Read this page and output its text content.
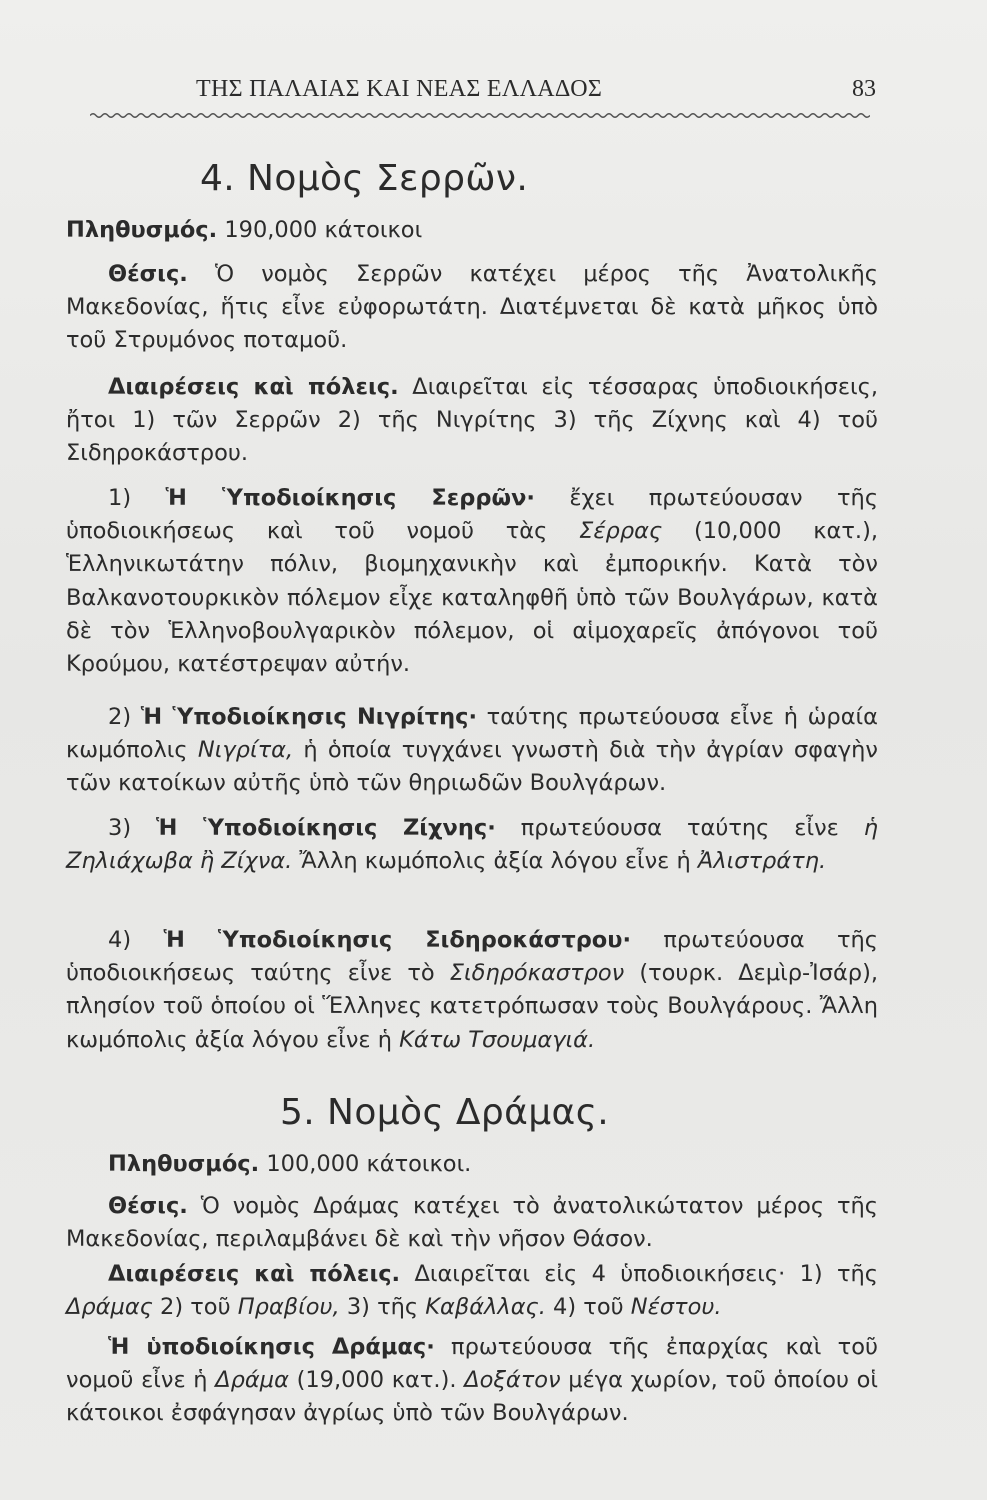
ΤΗΣ ΠΑΛΑΙΑΣ ΚΑΙ ΝΕΑΣ ΕΛΛΑΔΟΣ	83
4. Νομὸς Σερρῶν.

Πληθυσμός. 190,000 κάτοικοι

Θέσις. Ὁ νομὸς Σερρῶν κατέχει μέρος τῆς Ἀνατολικῆς Μακεδονίας, ἥτις εἶνε εὐφορωτάτη. Διατέμνεται δὲ κατὰ μῆκος ὑπὸ τοῦ Στρυμόνος ποταμοῦ.

Διαιρέσεις καὶ πόλεις. Διαιρεῖται εἰς τέσσαρας ὑποδιοικήσεις, ἤτοι 1) τῶν Σερρῶν 2) τῆς Νιγρίτης 3) τῆς Ζίχνης καὶ 4) τοῦ Σιδηροκάστρου.

1) Ἡ Ὑποδιοίκησις Σερρῶν· ἔχει πρωτεύουσαν τῆς ὑποδιοικήσεως καὶ τοῦ νομοῦ τὰς Σέρρας (10,000 κατ.), Ἑλληνικωτάτην πόλιν, βιομηχανικὴν καὶ ἐμπορικήν. Κατὰ τὸν Βαλκανοτουρκικὸν πόλεμον εἶχε καταληφθῆ ὑπὸ τῶν Βουλγάρων, κατὰ δὲ τὸν Ἑλληνοβουλγαρικὸν πόλεμον, οἱ αἱμοχαρεῖς ἀπόγονοι τοῦ Κρούμου, κατέστρεψαν αὐτήν.

2) Ἡ Ὑποδιοίκησις Νιγρίτης· ταύτης πρωτεύουσα εἶνε ἡ ὡραία κωμόπολις Νιγρίτα, ἡ ὁποία τυγχάνει γνωστὴ διὰ τὴν ἀγρίαν σφαγὴν τῶν κατοίκων αὐτῆς ὑπὸ τῶν θηριωδῶν Βουλγάρων.

3) Ἡ Ὑποδιοίκησις Ζίχνης· πρωτεύουσα ταύτης εἶνε ἡ Ζηλιάχωβα ἢ Ζίχνα. Ἄλλη κωμόπολις ἀξία λόγου εἶνε ἡ Ἀλιστράτη.

4) Ἡ Ὑποδιοίκησις Σιδηροκάστρου· πρωτεύουσα τῆς ὑποδιοικήσεως ταύτης εἶνε τὸ Σιδηρόκαστρον (τουρκ. Δεμὶρ-Ἰσάρ), πλησίον τοῦ ὁποίου οἱ Ἕλληνες κατετρόπωσαν τοὺς Βουλγάρους. Ἄλλη κωμόπολις ἀξία λόγου εἶνε ἡ Κάτω Τσουμαγιά.

5. Νομὸς Δράμας.

Πληθυσμός. 100,000 κάτοικοι.

Θέσις. Ὁ νομὸς Δράμας κατέχει τὸ ἀνατολικώτατον μέρος τῆς Μακεδονίας, περιλαμβάνει δὲ καὶ τὴν νῆσον Θάσον.

Διαιρέσεις καὶ πόλεις. Διαιρεῖται εἰς 4 ὑποδιοικήσεις· 1) τῆς Δράμας 2) τοῦ Πραβίου, 3) τῆς Καβάλλας. 4) τοῦ Νέστου.

Ἡ ὑποδιοίκησις Δράμας· πρωτεύουσα τῆς ἐπαρχίας καὶ τοῦ νομοῦ εἶνε ἡ Δράμα (19,000 κατ.). Δοξάτον μέγα χωρίον, τοῦ ὁποίου οἱ κάτοικοι ἐσφάγησαν ἀγρίως ὑπὸ τῶν Βουλγάρων.
